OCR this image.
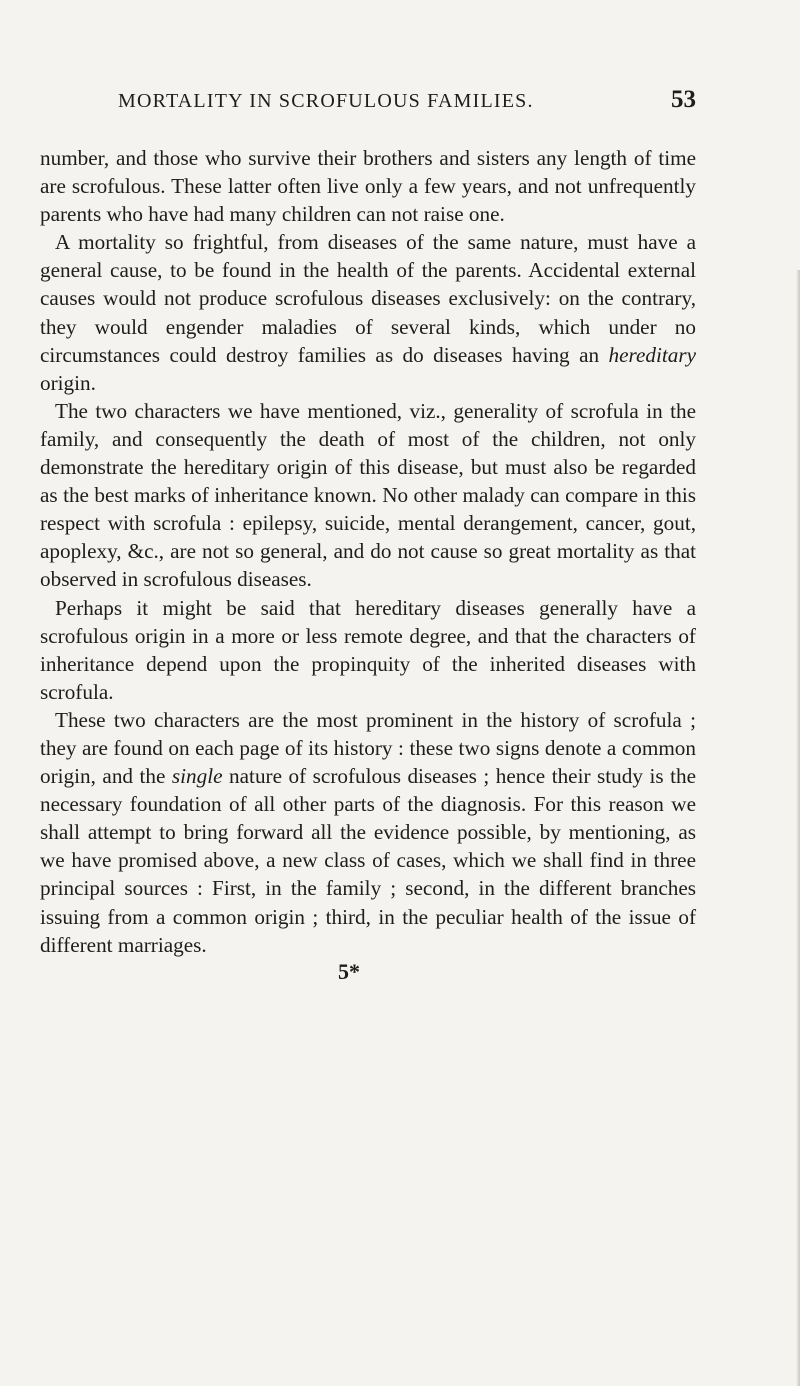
MORTALITY IN SCROFULOUS FAMILIES.	53

number, and those who survive their brothers and sisters any length of time are scrofulous. These latter often live only a few years, and not unfrequently parents who have had many children can not raise one.

A mortality so frightful, from diseases of the same nature, must have a general cause, to be found in the health of the parents. Accidental external causes would not produce scrofulous diseases exclusively: on the contrary, they would engender maladies of several kinds, which under no circumstances could destroy families as do diseases having an hereditary origin.

The two characters we have mentioned, viz., generality of scrofula in the family, and consequently the death of most of the children, not only demonstrate the hereditary origin of this disease, but must also be regarded as the best marks of inheritance known. No other malady can compare in this respect with scrofula : epilepsy, suicide, mental derangement, cancer, gout, apoplexy, &c., are not so general, and do not cause so great mortality as that observed in scrofulous diseases.

Perhaps it might be said that hereditary diseases generally have a scrofulous origin in a more or less remote degree, and that the characters of inheritance depend upon the propinquity of the inherited diseases with scrofula.

These two characters are the most prominent in the history of scrofula ; they are found on each page of its history : these two signs denote a common origin, and the single nature of scrofulous diseases ; hence their study is the necessary foundation of all other parts of the diagnosis. For this reason we shall attempt to bring forward all the evidence possible, by mentioning, as we have promised above, a new class of cases, which we shall find in three principal sources : First, in the family ; second, in the different branches issuing from a common origin ; third, in the peculiar health of the issue of different marriages.

5*
